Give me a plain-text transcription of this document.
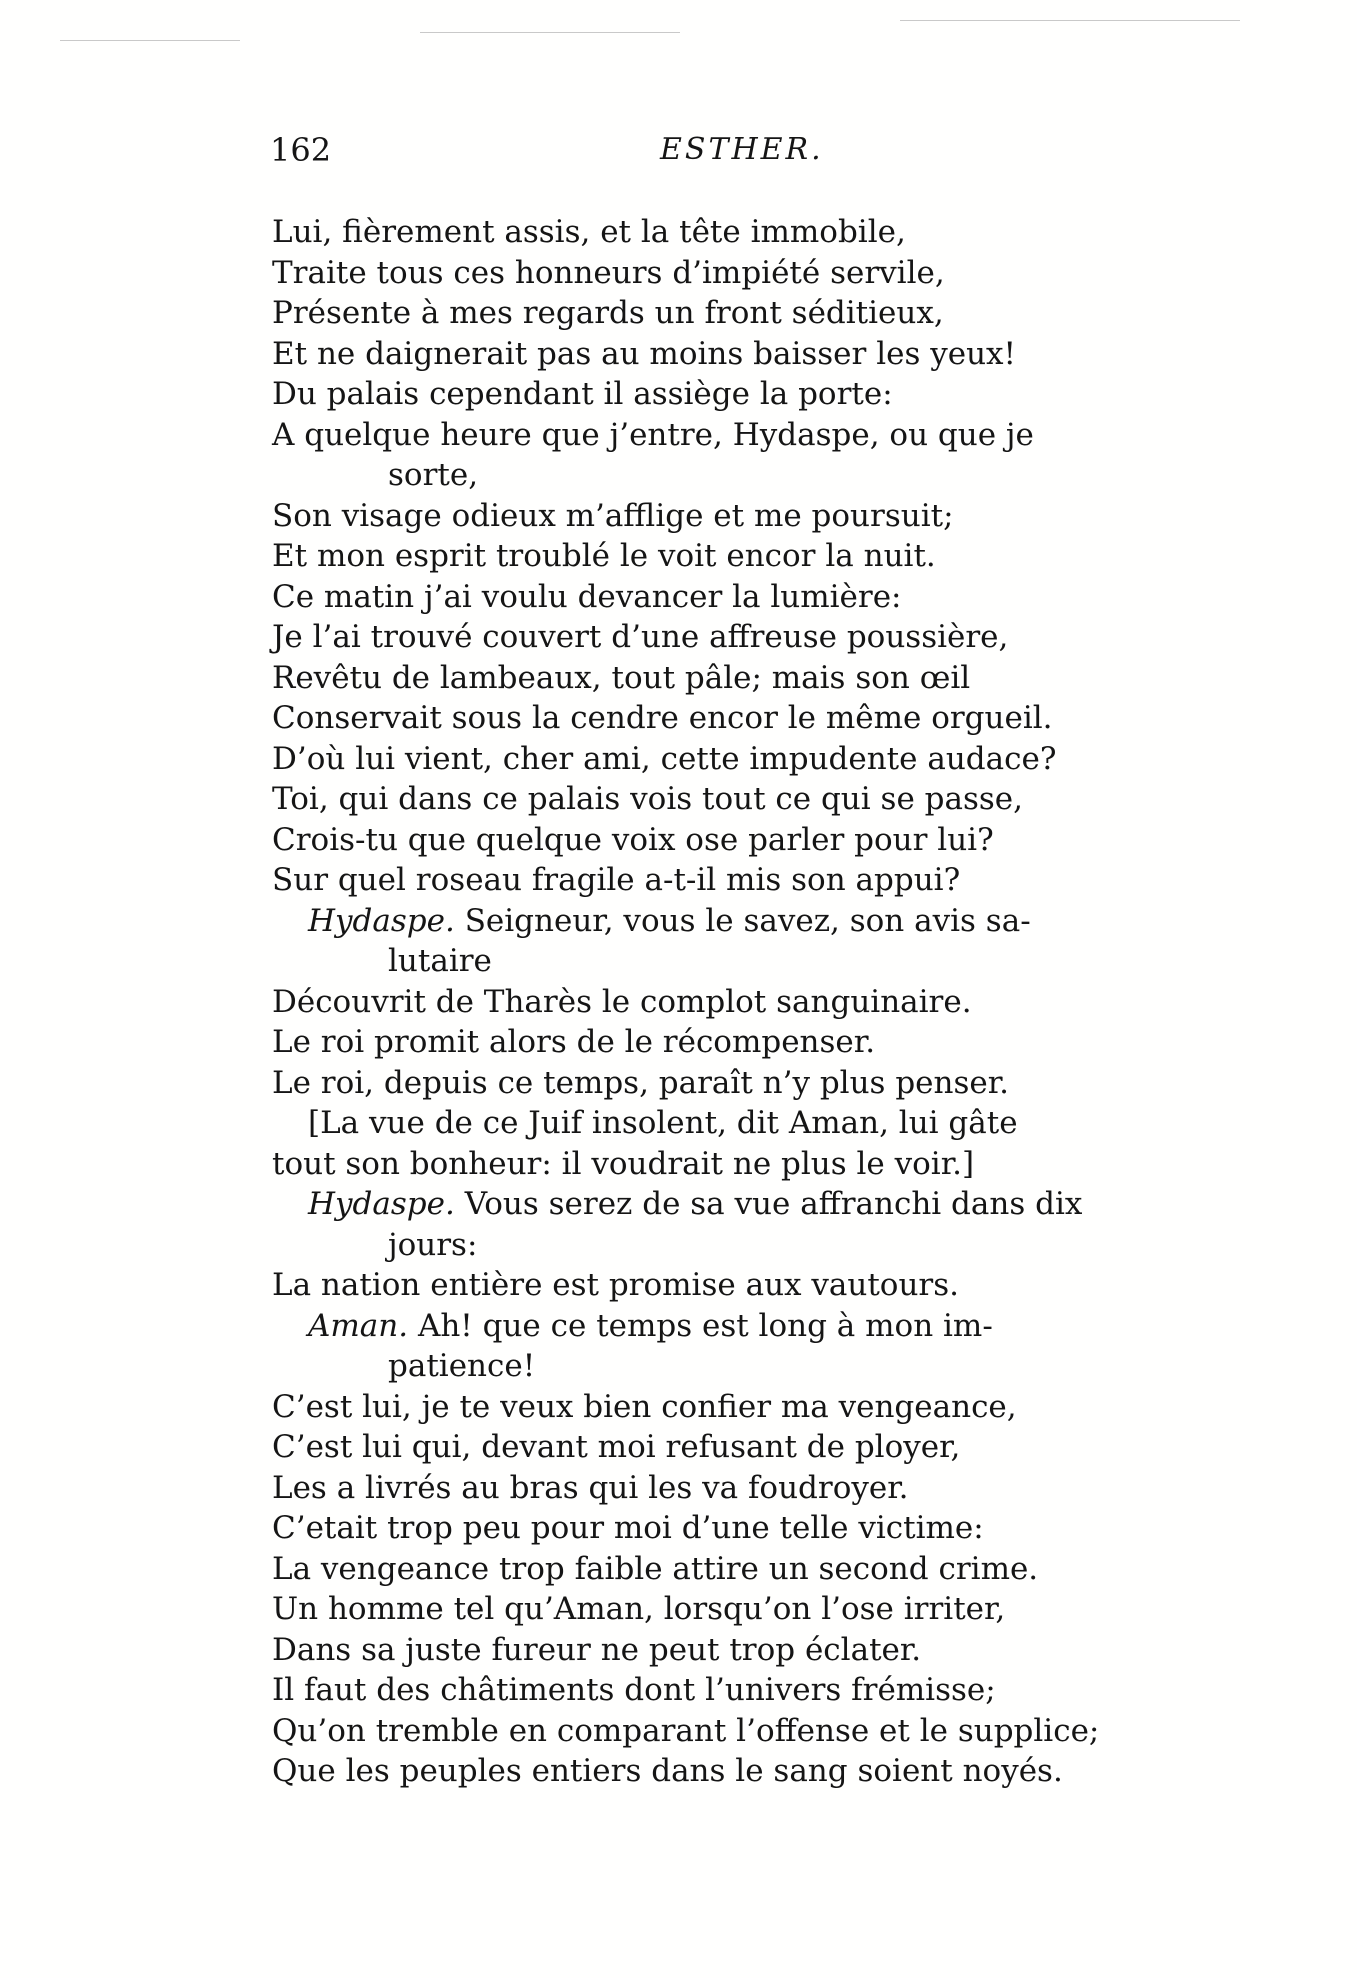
162	ESTHER.
Lui, fièrement assis, et la tête immobile,
Traite tous ces honneurs d’impiété servile,
Présente à mes regards un front séditieux,
Et ne daignerait pas au moins baisser les yeux!
Du palais cependant il assiège la porte:
A quelque heure que j’entre, Hydaspe, ou que je
sorte,
Son visage odieux m’afflige et me poursuit;
Et mon esprit troublé le voit encor la nuit.
Ce matin j’ai voulu devancer la lumière:
Je l’ai trouvé couvert d’une affreuse poussière,
Revêtu de lambeaux, tout pâle; mais son œil
Conservait sous la cendre encor le même orgueil.
D’où lui vient, cher ami, cette impudente audace?
Toi, qui dans ce palais vois tout ce qui se passe,
Crois-tu que quelque voix ose parler pour lui?
Sur quel roseau fragile a-t-il mis son appui?
Hydaspe. Seigneur, vous le savez, son avis sa-
lutaire
Découvrit de Tharès le complot sanguinaire.
Le roi promit alors de le récompenser.
Le roi, depuis ce temps, paraît n’y plus penser.
[La vue de ce Juif insolent, dit Aman, lui gâte
tout son bonheur: il voudrait ne plus le voir.]
Hydaspe. Vous serez de sa vue affranchi dans dix
jours:
La nation entière est promise aux vautours.
Aman. Ah! que ce temps est long à mon im-
patience!
C’est lui, je te veux bien confier ma vengeance,
C’est lui qui, devant moi refusant de ployer,
Les a livrés au bras qui les va foudroyer.
C’etait trop peu pour moi d’une telle victime:
La vengeance trop faible attire un second crime.
Un homme tel qu’Aman, lorsqu’on l’ose irriter,
Dans sa juste fureur ne peut trop éclater.
Il faut des châtiments dont l’univers frémisse;
Qu’on tremble en comparant l’offense et le supplice;
Que les peuples entiers dans le sang soient noyés.
